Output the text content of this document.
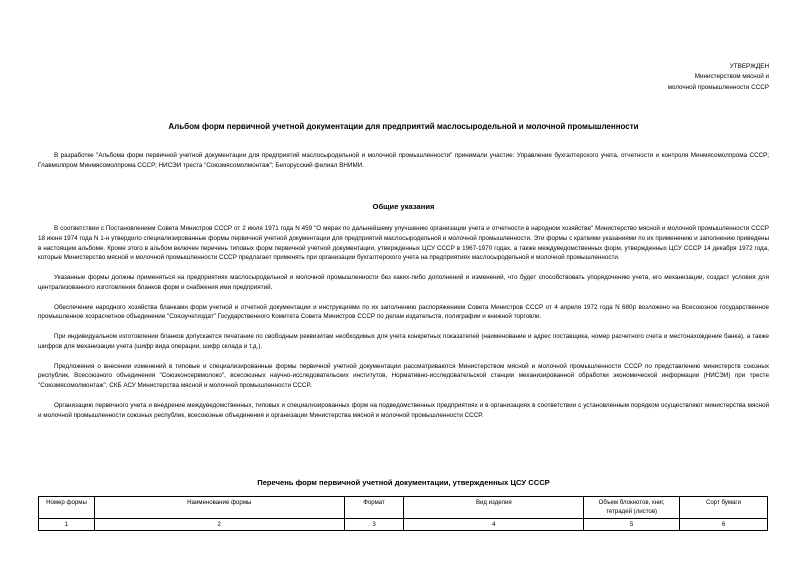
УТВЕРЖДЕН
Министерством мясной и
молочной промышленности СССР
Альбом форм первичной учетной документации для предприятий маслосыродельной и молочной промышленности

В разработке "Альбома форм первичной учетной документации для предприятий маслосыродельной и молочной промышленности" принимали участие: Управление бухгалтерского учета, отчетности и контроля Минмясомолпрома СССР; Главмолпром Минмясомолпрома СССР; НИСЭИ треста "Союзмясомолмонтаж"; Белорусский филиал ВНИМИ.

Общие указания

В соответствии с Постановлением Совета Министров СССР от 2 июля 1971 года N 459 "О мерах по дальнейшему улучшению организации учета и отчетности в народном хозяйстве" Министерство мясной и молочной промышленности СССР 18 июня 1974 года N 1-н утвердило специализированные формы первичной учетной документации для предприятий маслосыродельной и молочной промышленности. Эти формы с краткими указаниями по их применению и заполнению приведены в настоящем альбоме. Кроме этого в альбом включен перечень типовых форм первичной учетной документации, утвержденных ЦСУ СССР в 1967-1970 годах, а также междуведомственных форм, утвержденных ЦСУ СССР 14 декабря 1972 года, которые Министерство мясной и молочной промышленности СССР предлагает применять при организации бухгалтерского учета на предприятиях маслосыродельной и молочной промышленности.

Указанные формы должны применяться на предприятиях маслосыродельной и молочной промышленности без каких-либо дополнений и изменений, что будет способствовать упорядочению учета, его механизации, создаст условия для централизованного изготовления бланков форм и снабжения ими предприятий.

Обеспечение народного хозяйства бланками форм учетной и отчетной документации и инструкциями по их заполнению распоряжением Совета Министров СССР от 4 апреля 1972 года N 680р возложено на Всесоюзное государственное промышленное хозрасчетное объединение "Союзучетиздат" Государственного Комитета Совета Министров СССР по делам издательств, полиграфии и книжной торговли.

При индивидуальном изготовлении бланков допускается печатание по свободным реквизитам необходимых для учета конкретных показателей (наименование и адрес поставщика, номер расчетного счета и местонахождение банка), а также шифров для механизации учета (шифр вида операции, шифр склада и т.д.).

Предложения о внесении изменений в типовые и специализированные формы первичной учетной документации рассматриваются Министерством мясной и молочной промышленности СССР по представлению министерств союзных республик, Всесоюзного объединения "Союзконсервмолоко", всесоюзных научно-исследовательских институтов, Нормативно-исследовательской станции механизированной обработки экономической информации (НИСЭИ) при тресте "Союзмясомолмонтаж", СКБ АСУ Министерства мясной и молочной промышленности СССР.

Организацию первичного учета и внедрение междуведомственных, типовых и специализированных форм на подведомственных предприятиях и в организациях в соответствии с установленным порядком осуществляют министерства мясной и молочной промышленности союзных республик, всесоюзные объединения и организации Министерства мясной и молочной промышленности СССР.

Перечень форм первичной учетной документации, утвержденных ЦСУ СССР
Номер формы	Наименование формы	Формат	Вид изделия	Объем блокнотов, книг, тетрадей (листов)	Сорт бумаги
1	2	3	4	5	6
